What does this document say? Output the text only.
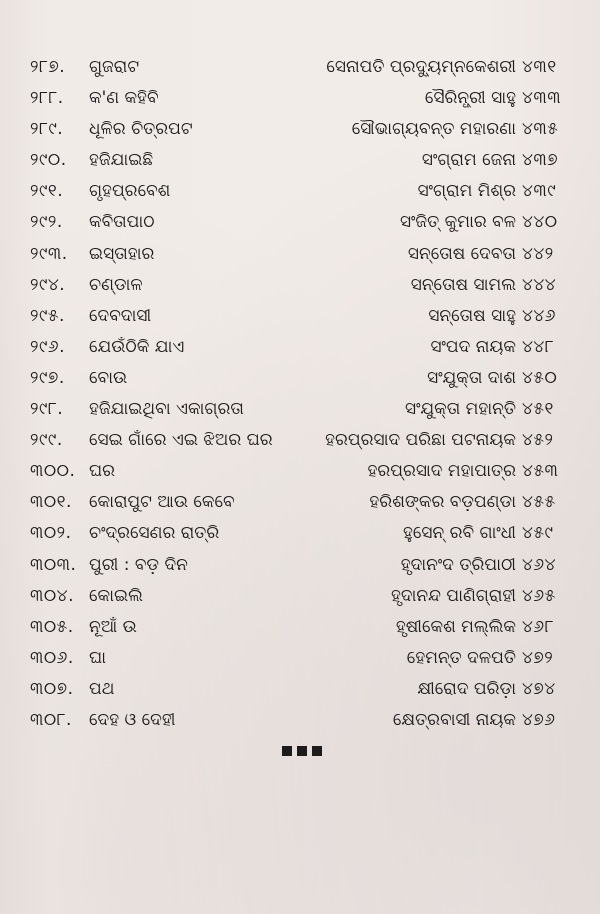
୨୮୭.	ଗୁଜରାଟ	ସେନାପତି ପ୍ରଦ୍ୟୁମ୍ନକେଶରୀ ୪୩୧
୨୮୮.	କ'ଣ କହିବି	ସୈରିନ୍ଧ୍ରୀ ସାହୁ ୪୩୩
୨୮୯.	ଧୂଳିର ଚିତ୍ରପଟ	ସୌଭାଗ୍ୟବନ୍ତ ମହାରଣା ୪୩୫
୨୯୦.	ହଜିଯାଇଛି	ସଂଗ୍ରାମ ଜେନା ୪୩୭
୨୯୧.	ଗୃହପ୍ରବେଶ	ସଂଗ୍ରାମ ମିଶ୍ର ୪୩୯
୨୯୨.	କବିତାପାଠ	ସଂଜିତ୍ କୁମାର ବଳ ୪୪୦
୨୯୩.	ଇସ୍ତାହାର	ସନ୍ତୋଷ ଦେବତା ୪୪୨
୨୯୪.	ଚଣ୍ଡାଳ	ସନ୍ତୋଷ ସାମଲ ୪୪୪
୨୯୫.	ଦେବଦାସୀ	ସନ୍ତୋଷ ସାହୁ ୪୪୬
୨୯୬.	ଯେଉଁଠିକି ଯାଏ	ସଂପଦ ନାୟକ ୪୪୮
୨୯୭.	ବୋଉ	ସଂଯୁକ୍ତା ଦାଶ ୪୫୦
୨୯୮.	ହଜିଯାଇଥିବା ଏକାଗ୍ରତା	ସଂଯୁକ୍ତା ମହାନ୍ତି ୪୫୧
୨୯୯.	ସେଇ ଗାଁରେ ଏଇ ଝିଅର ଘର	ହରପ୍ରସାଦ ପରିଛା ପଟନାୟକ ୪୫୨
୩୦୦. ଘର	ହରପ୍ରସାଦ ମହାପାତ୍ର ୪୫୩
୩୦୧.	କୋରାପୁଟ ଆଉ କେବେ	ହରିଶଙ୍କର ବଡ଼ପଣ୍ଡା ୪୫୫
୩୦୨.	ଚଂଦ୍ରସେଣର ରାତ୍ରି	ହୁସେନ୍ ରବି ଗାଂଧୀ ୪୫୯
୩୦୩. ପୁରୀ : ବଡ଼ ଦିନ	ହୃଦାନଂଦ ତ୍ରିପାଠୀ ୪୬୪
୩୦୪. କୋଇଲି	ହୃଦାନନ୍ଦ ପାଣିଗ୍ରାହୀ ୪୬୫
୩୦୫. ନୂଆଁ ଉ	ହୃଷୀକେଶ ମଲ୍ଲିକ ୪୬୮
୩୦୬. ଘା	ହେମନ୍ତ ଦଳପତି ୪୭୨
୩୦୭. ପଥ	କ୍ଷୀରୋଦ ପରିଡ଼ା ୪୭୪
୩୦୮.	ଦେହ ଓ ଦେହୀ	କ୍ଷେତ୍ରବାସୀ ନାୟକ ୪୭୬
